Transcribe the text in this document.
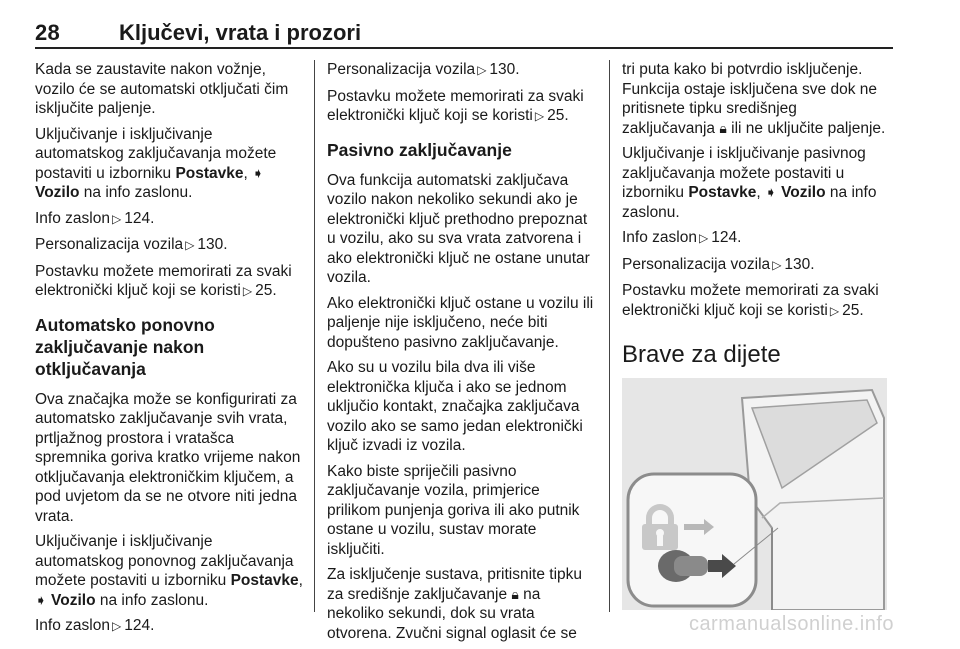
28	Ključevi, vrata i prozori

Kada se zaustavite nakon vožnje, vozilo će se automatski otključati čim isključite paljenje.

Uključivanje i isključivanje automatskog zaključavanja možete postaviti u izborniku Postavke, ➧ Vozilo na info zaslonu.

Info zaslon ▷ 124.

Personalizacija vozila ▷ 130.

Postavku možete memorirati za svaki elektronički ključ koji se koristi ▷ 25.

Automatsko ponovno zaključavanje nakon otključavanja

Ova značajka može se konfigurirati za automatsko zaključavanje svih vrata, prtljažnog prostora i vratašca spremnika goriva kratko vrijeme nakon otključavanja elektroničkim ključem, a pod uvjetom da se ne otvore niti jedna vrata.

Uključivanje i isključivanje automatskog ponovnog zaključavanja možete postaviti u izborniku Postavke, ➧ Vozilo na info zaslonu.

Info zaslon ▷ 124.

Personalizacija vozila ▷ 130.

Postavku možete memorirati za svaki elektronički ključ koji se koristi ▷ 25.

Pasivno zaključavanje

Ova funkcija automatski zaključava vozilo nakon nekoliko sekundi ako je elektronički ključ prethodno prepoznat u vozilu, ako su sva vrata zatvorena i ako elektronički ključ ne ostane unutar vozila.

Ako elektronički ključ ostane u vozilu ili paljenje nije isključeno, neće biti dopušteno pasivno zaključavanje.

Ako su u vozilu bila dva ili više elektronička ključa i ako se jednom uključio kontakt, značajka zaključava vozilo ako se samo jedan elektronički ključ izvadi iz vozila.

Kako biste spriječili pasivno zaključavanje vozila, primjerice prilikom punjenja goriva ili ako putnik ostane u vozilu, sustav morate isključiti.

Za isključenje sustava, pritisnite tipku za središnje zaključavanje 🔒︎ na nekoliko sekundi, dok su vrata otvorena. Zvučni signal oglasit će se

tri puta kako bi potvrdio isključenje. Funkcija ostaje isključena sve dok ne pritisnete tipku središnjeg zaključavanja 🔒︎ ili ne uključite paljenje.

Uključivanje i isključivanje pasivnog zaključavanja možete postaviti u izborniku Postavke, ➧ Vozilo na info zaslonu.

Info zaslon ▷ 124.

Personalizacija vozila ▷ 130.

Postavku možete memorirati za svaki elektronički ključ koji se koristi ▷ 25.

Brave za dijete
carmanualsonline.info
